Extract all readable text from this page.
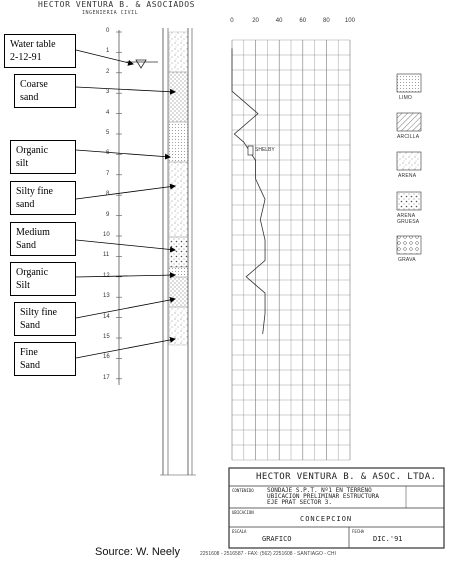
HECTOR VENTURA B. & ASOCIADOS
INGENIERIA CIVIL
0
1
2
3
4
5
6
7
8
9
10
11
12
13
14
15
16
17
0	20	40	60	80	100
SHELBY
LIMO
ARCILLA
ARENA
ARENA GRUESA
GRAVA
Water table
2-12-91
Coarse
sand
Organic
silt
Silty fine
sand
Medium
Sand
Organic
Silt
Silty fine
Sand
Fine
Sand
HECTOR VENTURA B. & ASOC. LTDA.
CONTENIDO SONDAJE S.P.T. Nº1 EN TERRENO
UBICACION PRELIMINAR ESTRUCTURA
EJE PRAT SECTOR 3.
UBICACION
CONCEPCION
ESCALA
GRAFICO
FECHA
DIC.'91
Source: W. Neely	2251608 - 2516587 - FAX: (562) 2251608 - SANTIAGO - CHI
